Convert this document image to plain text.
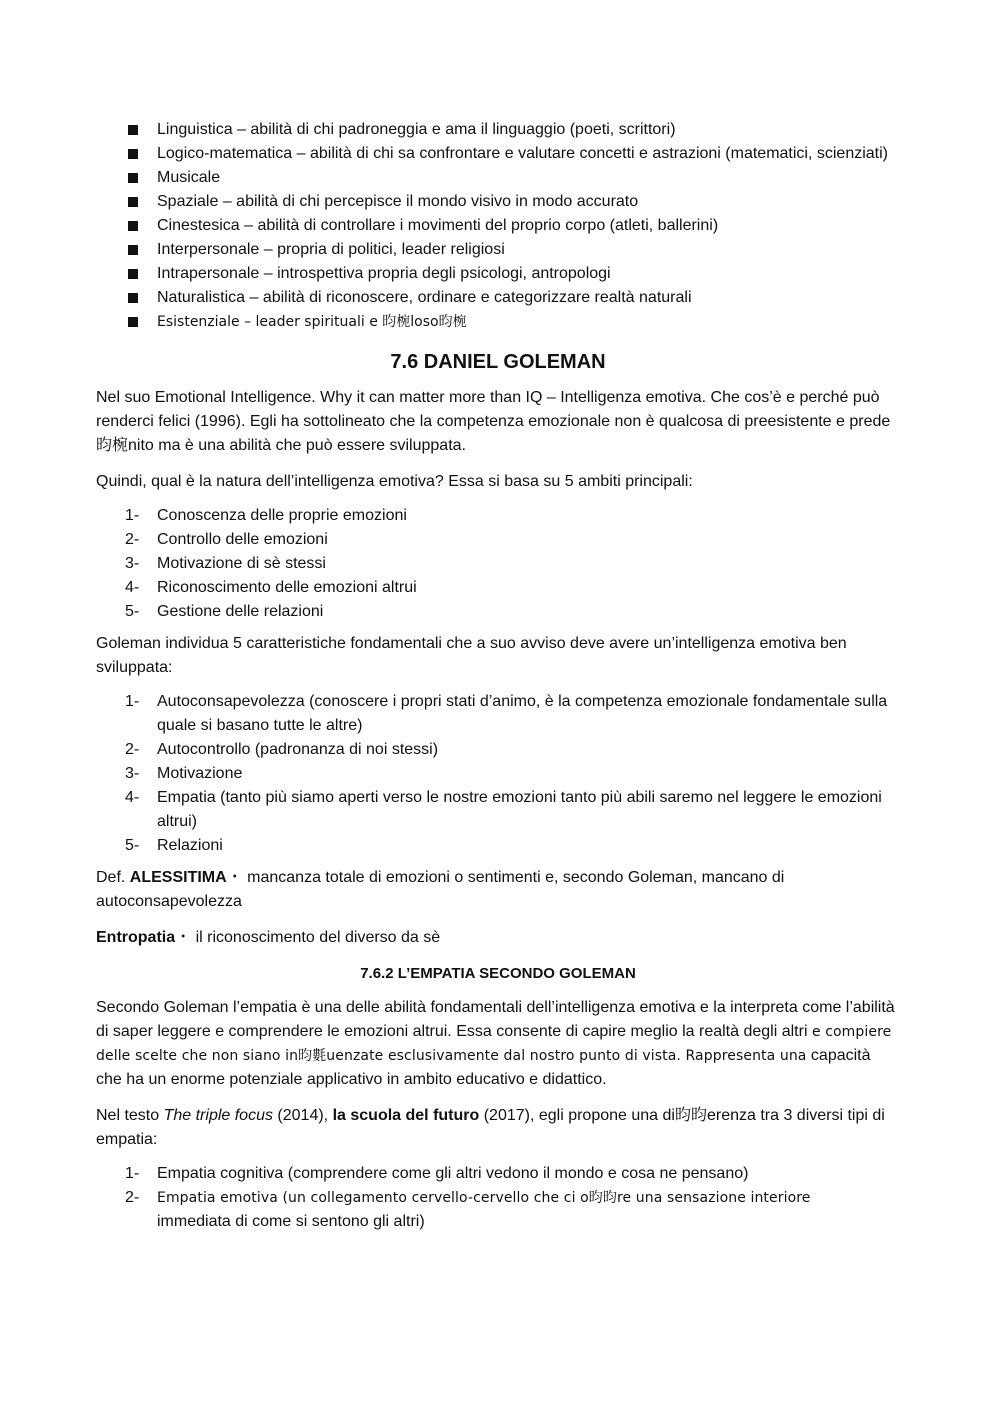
Linguistica – abilità di chi padroneggia e ama il linguaggio (poeti, scrittori)
Logico-matematica – abilità di chi sa confrontare e valutare concetti e astrazioni (matematici, scienziati)
Musicale
Spaziale – abilità di chi percepisce il mondo visivo in modo accurato
Cinestesica – abilità di controllare i movimenti del proprio corpo (atleti, ballerini)
Interpersonale – propria di politici, leader religiosi
Intrapersonale – introspettiva propria degli psicologi, antropologi
Naturalistica – abilità di riconoscere, ordinare e categorizzare realtà naturali
Esistenziale – leader spirituali e 昀椀loso昀椀
7.6 DANIEL GOLEMAN

Nel suo Emotional Intelligence. Why it can matter more than IQ – Intelligenza emotiva. Che cos’è e perché può renderci felici (1996). Egli ha sottolineato che la competenza emozionale non è qualcosa di preesistente e prede昀椀nito ma è una abilità che può essere sviluppata.

Quindi, qual è la natura dell’intelligenza emotiva? Essa si basa su 5 ambiti principali:

1- Conoscenza delle proprie emozioni
2- Controllo delle emozioni
3- Motivazione di sè stessi
4- Riconoscimento delle emozioni altrui
5- Gestione delle relazioni

Goleman individua 5 caratteristiche fondamentali che a suo avviso deve avere un’intelligenza emotiva ben sviluppata:

1- Autoconsapevolezza (conoscere i propri stati d’animo, è la competenza emozionale fondamentale sulla quale si basano tutte le altre)
2- Autocontrollo (padronanza di noi stessi)
3- Motivazione
4- Empatia (tanto più siamo aperti verso le nostre emozioni tanto più abili saremo nel leggere le emozioni altrui)
5- Relazioni

Def. ALESSITIMA・ mancanza totale di emozioni o sentimenti e, secondo Goleman, mancano di autoconsapevolezza

Entropatia・ il riconoscimento del diverso da sè

7.6.2 L’EMPATIA SECONDO GOLEMAN

Secondo Goleman l’empatia è una delle abilità fondamentali dell’intelligenza emotiva e la interpreta come l’abilità di saper leggere e comprendere le emozioni altrui. Essa consente di capire meglio la realtà degli altri e compiere delle scelte che non siano in昀氀uenzate esclusivamente dal nostro punto di vista. Rappresenta una capacità che ha un enorme potenziale applicativo in ambito educativo e didattico.

Nel testo The triple focus (2014), la scuola del futuro (2017), egli propone una di昀昀erenza tra 3 diversi tipi di empatia:

1- Empatia cognitiva (comprendere come gli altri vedono il mondo e cosa ne pensano)
2- Empatia emotiva (un collegamento cervello-cervello che ci o昀昀re una sensazione interiore
immediata di come si sentono gli altri)
